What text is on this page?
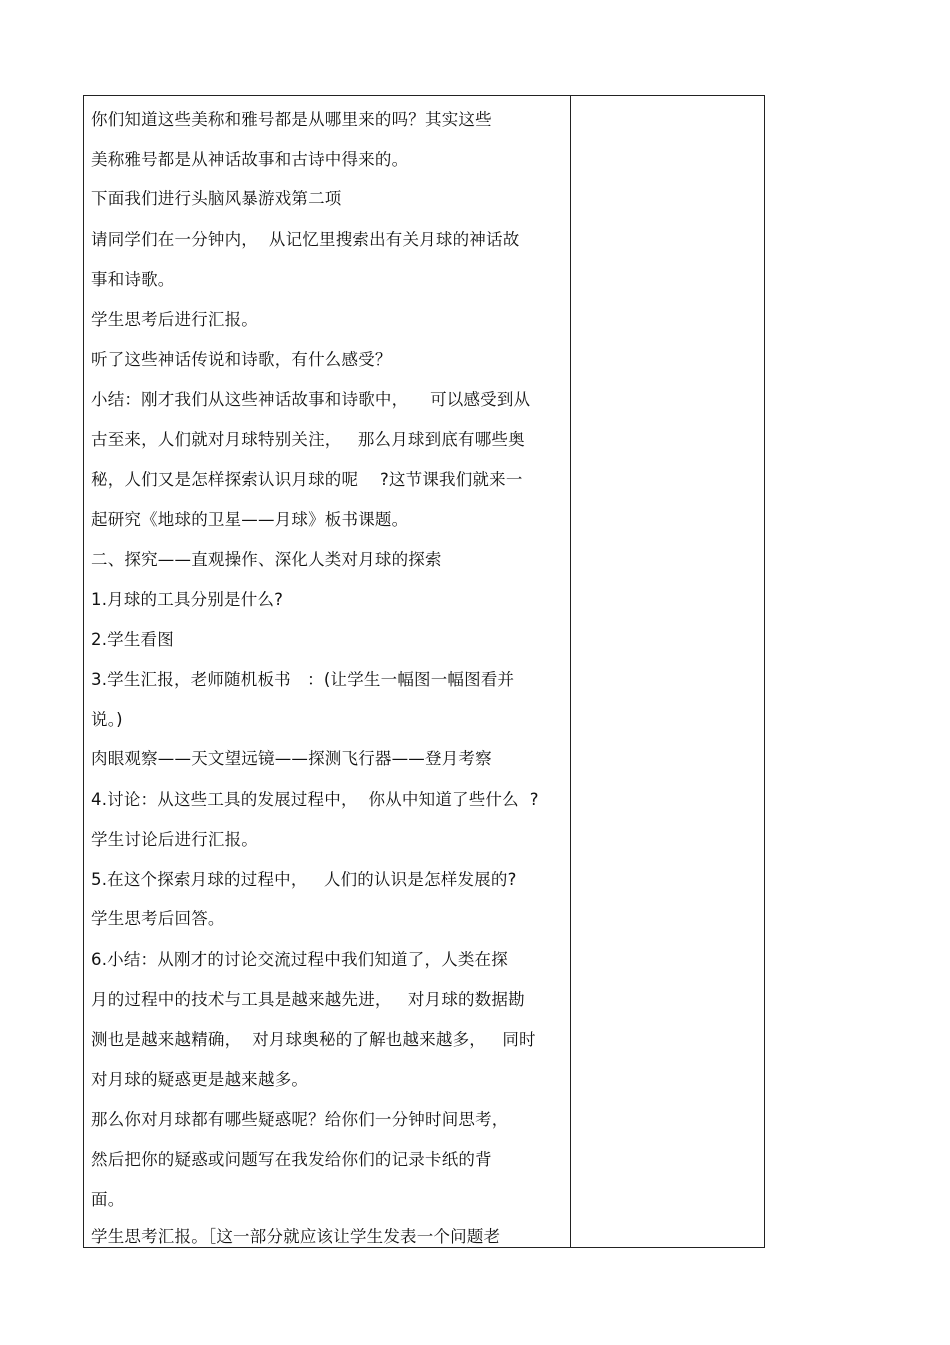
你们知道这些美称和雅号都是从哪里来的吗？其实这些
美称雅号都是从神话故事和古诗中得来的。
下面我们进行头脑风暴游戏第二项
请同学们在一分钟内，  从记忆里搜索出有关月球的神话故
事和诗歌。
学生思考后进行汇报。
听了这些神话传说和诗歌，有什么感受？
小结：刚才我们从这些神话故事和诗歌中，    可以感受到从
古至来，人们就对月球特别关注，   那么月球到底有哪些奥
秘，人们又是怎样探索认识月球的呢    ?这节课我们就来一
起研究《地球的卫星——月球》板书课题。
二、探究——直观操作、深化人类对月球的探索
1.月球的工具分别是什么?
2.学生看图
3.学生汇报，老师随机板书   ：(让学生一幅图一幅图看并
说。)
肉眼观察——天文望远镜——探测飞行器——登月考察
4.讨论：从这些工具的发展过程中，  你从中知道了些什么  ?
学生讨论后进行汇报。
5.在这个探索月球的过程中，   人们的认识是怎样发展的?
学生思考后回答。
6.小结：从刚才的讨论交流过程中我们知道了，人类在探
月的过程中的技术与工具是越来越先进，   对月球的数据勘
测也是越来越精确，  对月球奥秘的了解也越来越多，   同时
对月球的疑惑更是越来越多。
那么你对月球都有哪些疑惑呢？给你们一分钟时间思考，
然后把你的疑惑或问题写在我发给你们的记录卡纸的背
面。
学生思考汇报。［这一部分就应该让学生发表一个问题老
